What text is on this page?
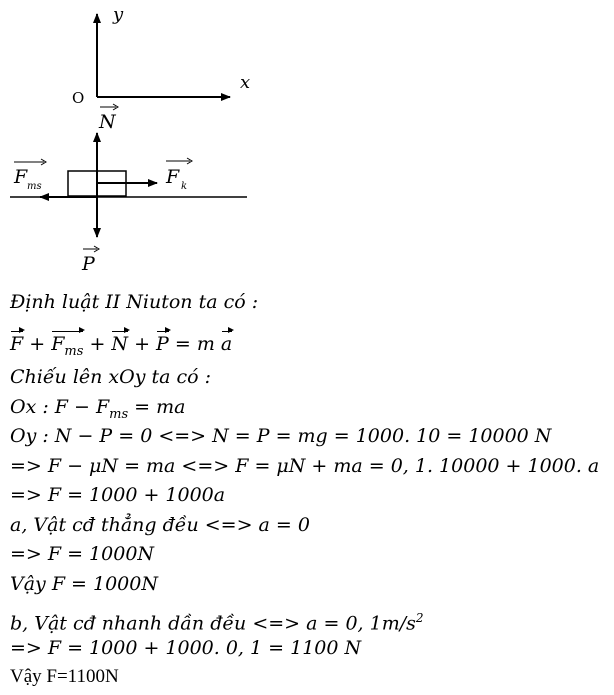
y
x
O
N
F ms	F k
P
Định luật II Niuton ta có :
$F + F_{ms} + N + P = m$ a
Chiếu lên xOy ta có :
Ox : $F - F_{ms}$ = ma
Oy : N − P = 0 <=> N = P = mg = 1000. 10 = 10000 N
=> F − μN = ma <=> F = μN + ma = 0, 1. 10000 + 1000. a
=> F = 1000 + 1000a
a, Vật cđ thẳng đều <=> a = 0
=> F = 1000N
Vậy F = 1000N
b, Vật cđ nhanh dần đều <=> a = 0, $1m/s^2$
=> F = 1000 + 1000. 0, 1 = 1100 N
Vậy F=1100N
